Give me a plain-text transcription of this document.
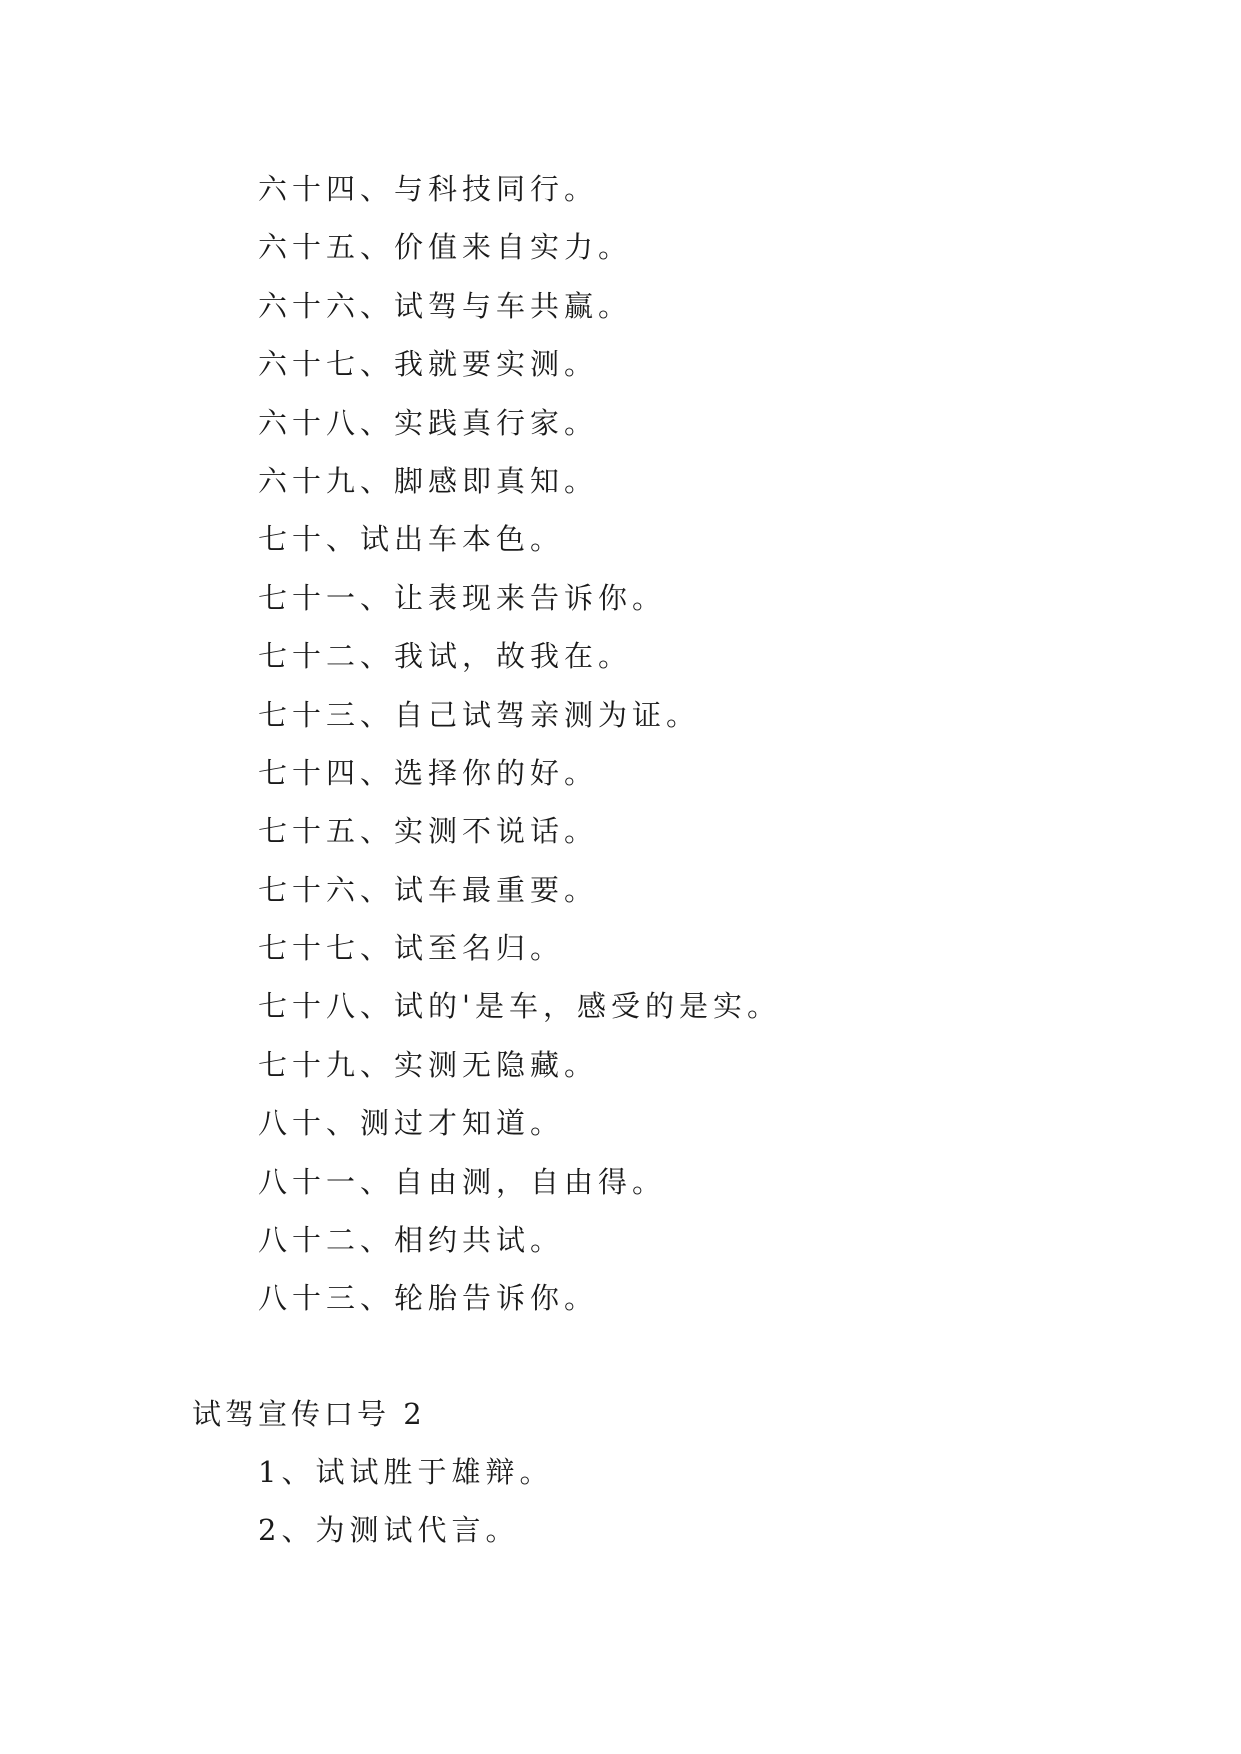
六十四、与科技同行。
六十五、价值来自实力。
六十六、试驾与车共赢。
六十七、我就要实测。
六十八、实践真行家。
六十九、脚感即真知。
七十、试出车本色。
七十一、让表现来告诉你。
七十二、我试，故我在。
七十三、自己试驾亲测为证。
七十四、选择你的好。
七十五、实测不说话。
七十六、试车最重要。
七十七、试至名归。
七十八、试的'是车，感受的是实。
七十九、实测无隐藏。
八十、测过才知道。
八十一、自由测，自由得。
八十二、相约共试。
八十三、轮胎告诉你。
试驾宣传口号 2
1、试试胜于雄辩。
2、为测试代言。
